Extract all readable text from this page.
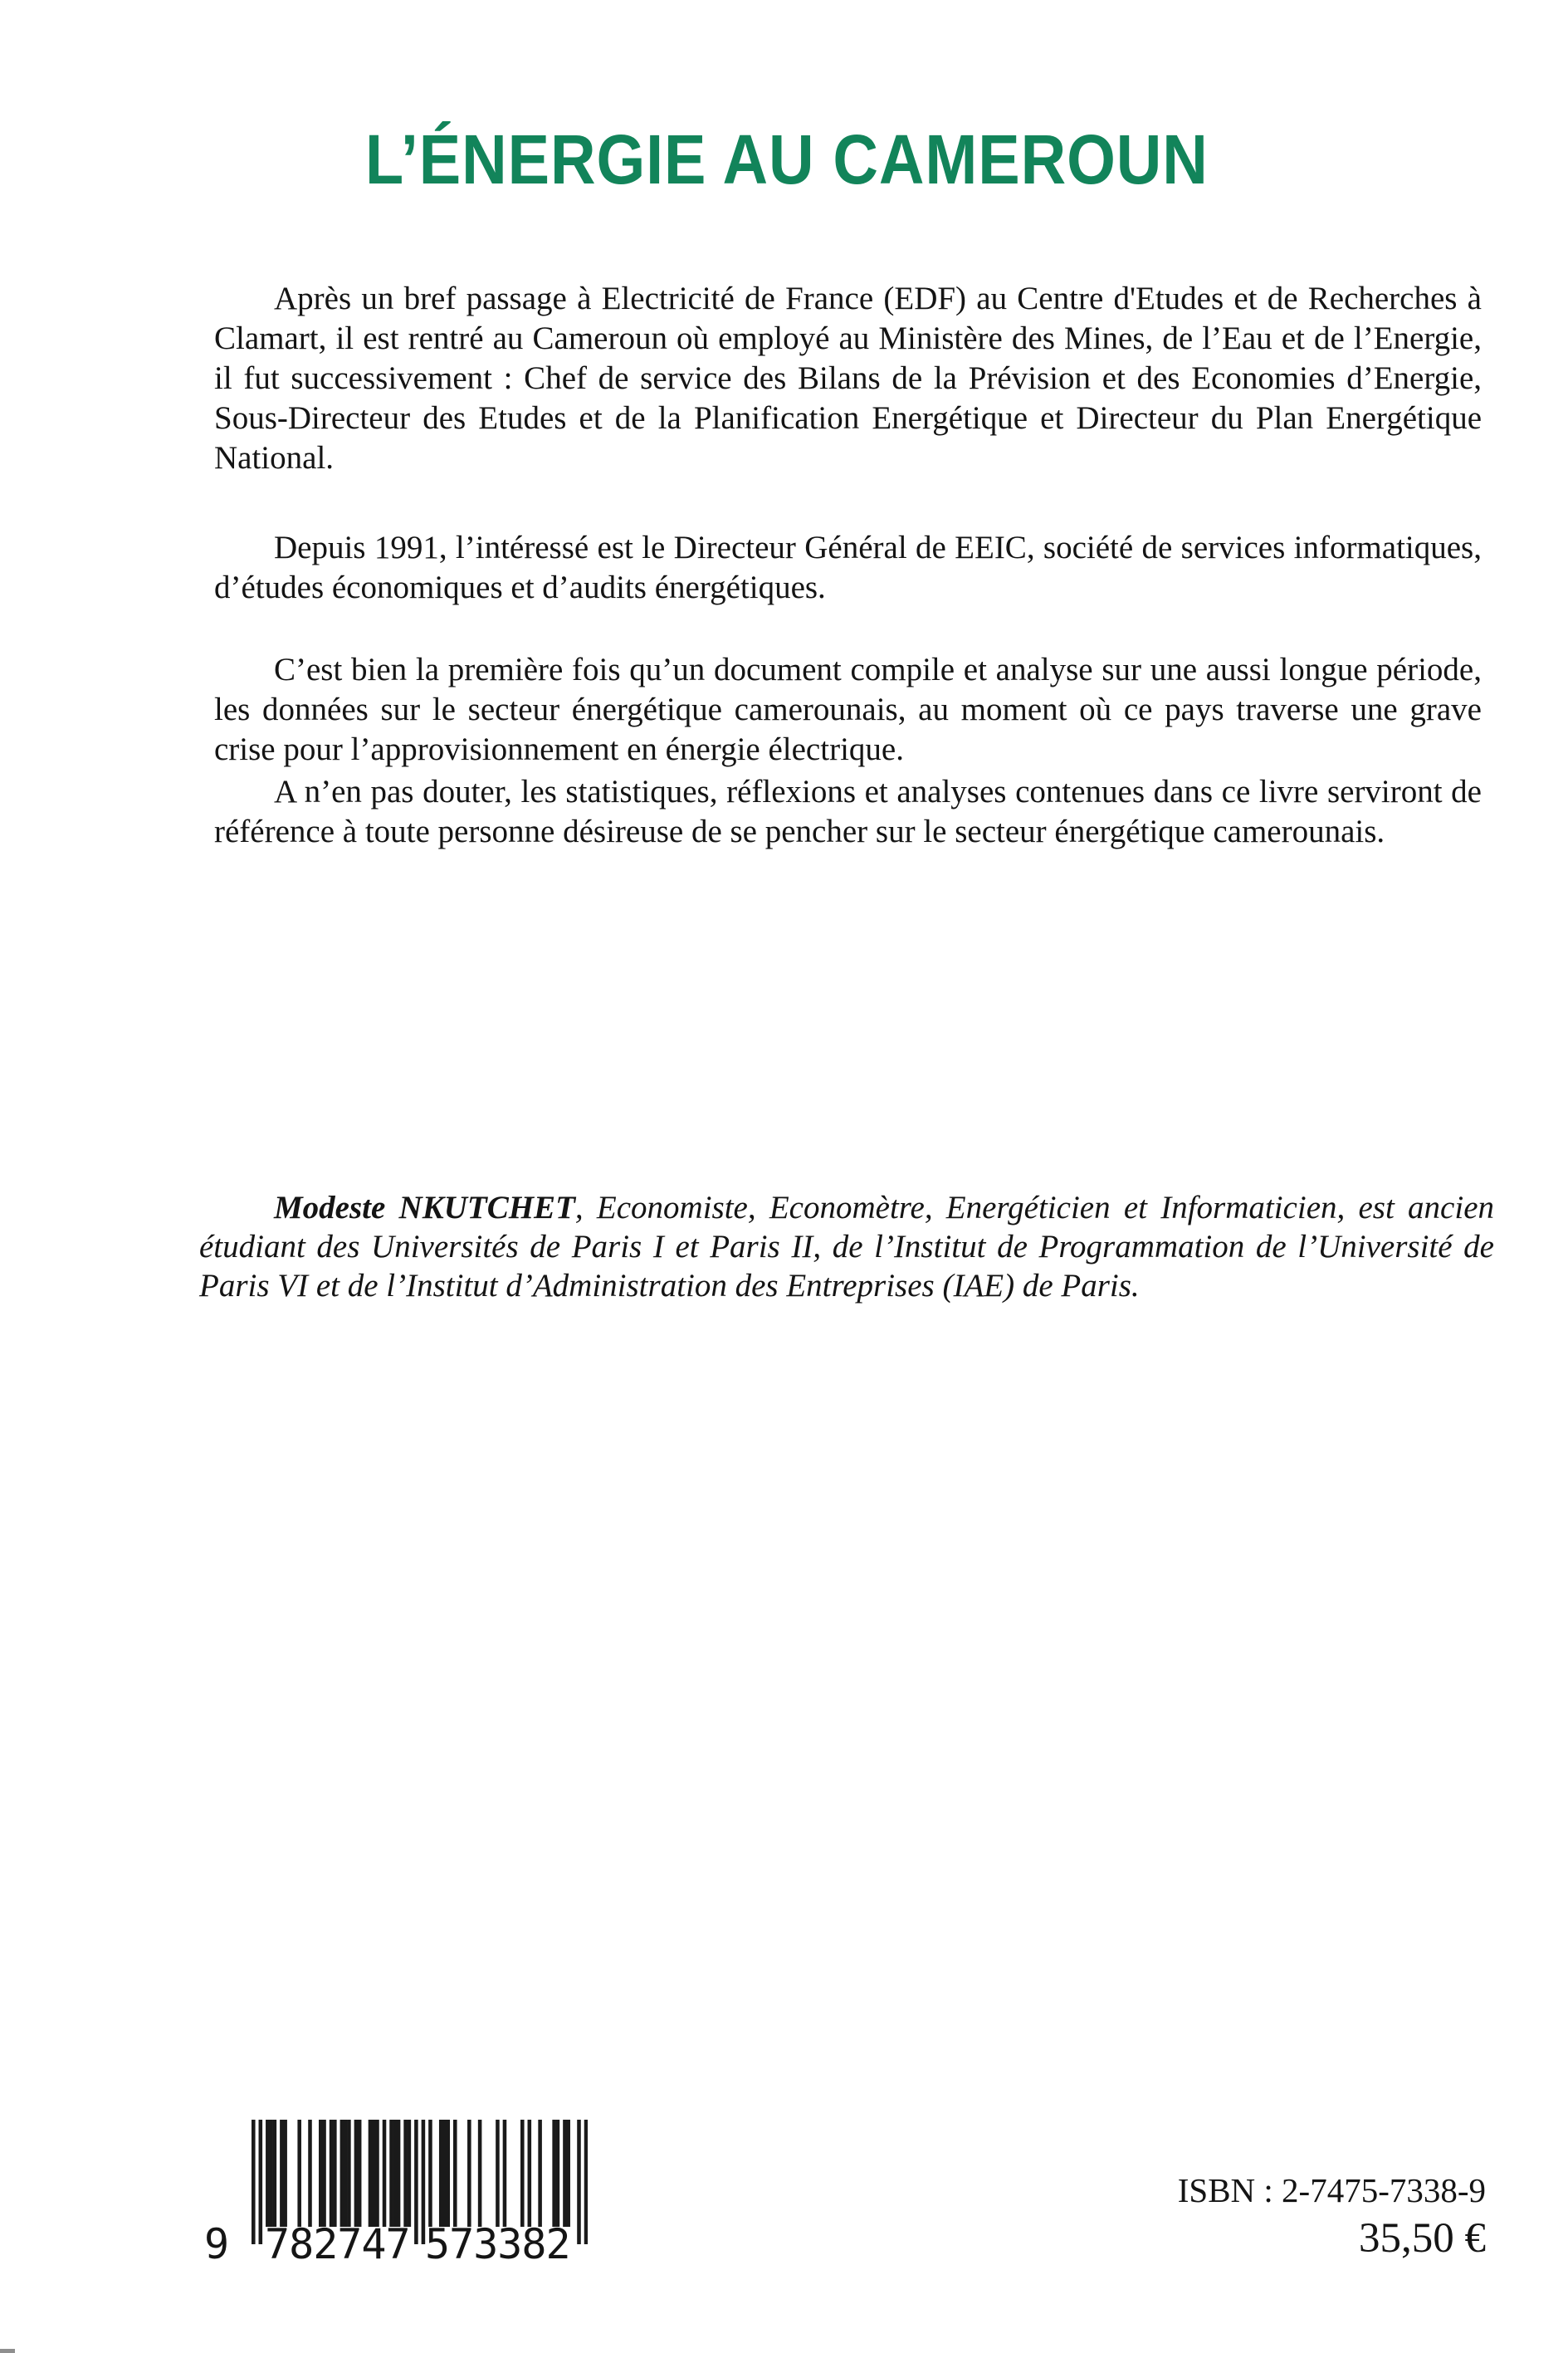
L’ÉNERGIE AU CAMEROUN

Après un bref passage à Electricité de France (EDF) au Centre d'Etudes et de Recherches à Clamart, il est rentré au Cameroun où employé au Ministère des Mines, de l’Eau et de l’Energie, il fut successivement : Chef de service des Bilans de la Prévision et des Economies d’Energie, Sous-Directeur des Etudes et de la Planification Energétique et Directeur du Plan Energétique National.

Depuis 1991, l’intéressé est le Directeur Général de EEIC, société de services informatiques, d’études économiques et d’audits énergétiques.

C’est bien la première fois qu’un document compile et analyse sur une aussi longue période, les données sur le secteur énergétique camerounais, au moment où ce pays traverse une grave crise pour l’approvisionnement en énergie électrique.

A n’en pas douter, les statistiques, réflexions et analyses contenues dans ce livre serviront de référence à toute personne désireuse de se pencher sur le secteur énergétique camerounais.

Modeste NKUTCHET, Economiste, Economètre, Energéticien et Informaticien, est ancien étudiant des Universités de Paris I et Paris II, de l’Institut de Programmation de l’Université de Paris VI et de l’Institut d’Administration des Entreprises (IAE) de Paris.
9 782747 573382
ISBN : 2-7475-7338-9
35,50 €
